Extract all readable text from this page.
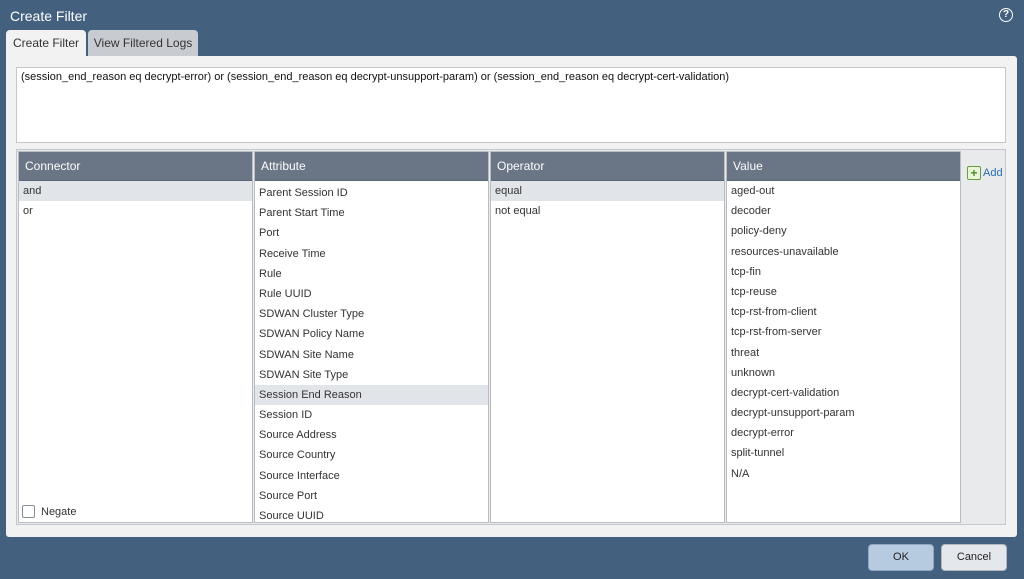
Create Filter	?
Create Filter	View Filtered Logs
(session_end_reason eq decrypt-error) or (session_end_reason eq decrypt-unsupport-param) or (session_end_reason eq decrypt-cert-validation)
Connector
and
or
Attribute
Parent Session ID
Parent Start Time
Port
Receive Time
Rule
Rule UUID
SDWAN Cluster Type
SDWAN Policy Name
SDWAN Site Name
SDWAN Site Type
Session End Reason
Session ID
Source Address
Source Country
Source Interface
Source Port
Source UUID
Operator
equal
not equal
Value
aged-out
decoder
policy-deny
resources-unavailable
tcp-fin
tcp-reuse
tcp-rst-from-client
tcp-rst-from-server
threat
unknown
decrypt-cert-validation
decrypt-unsupport-param
decrypt-error
split-tunnel
N/A
Negate
+ Add
OK	Cancel
